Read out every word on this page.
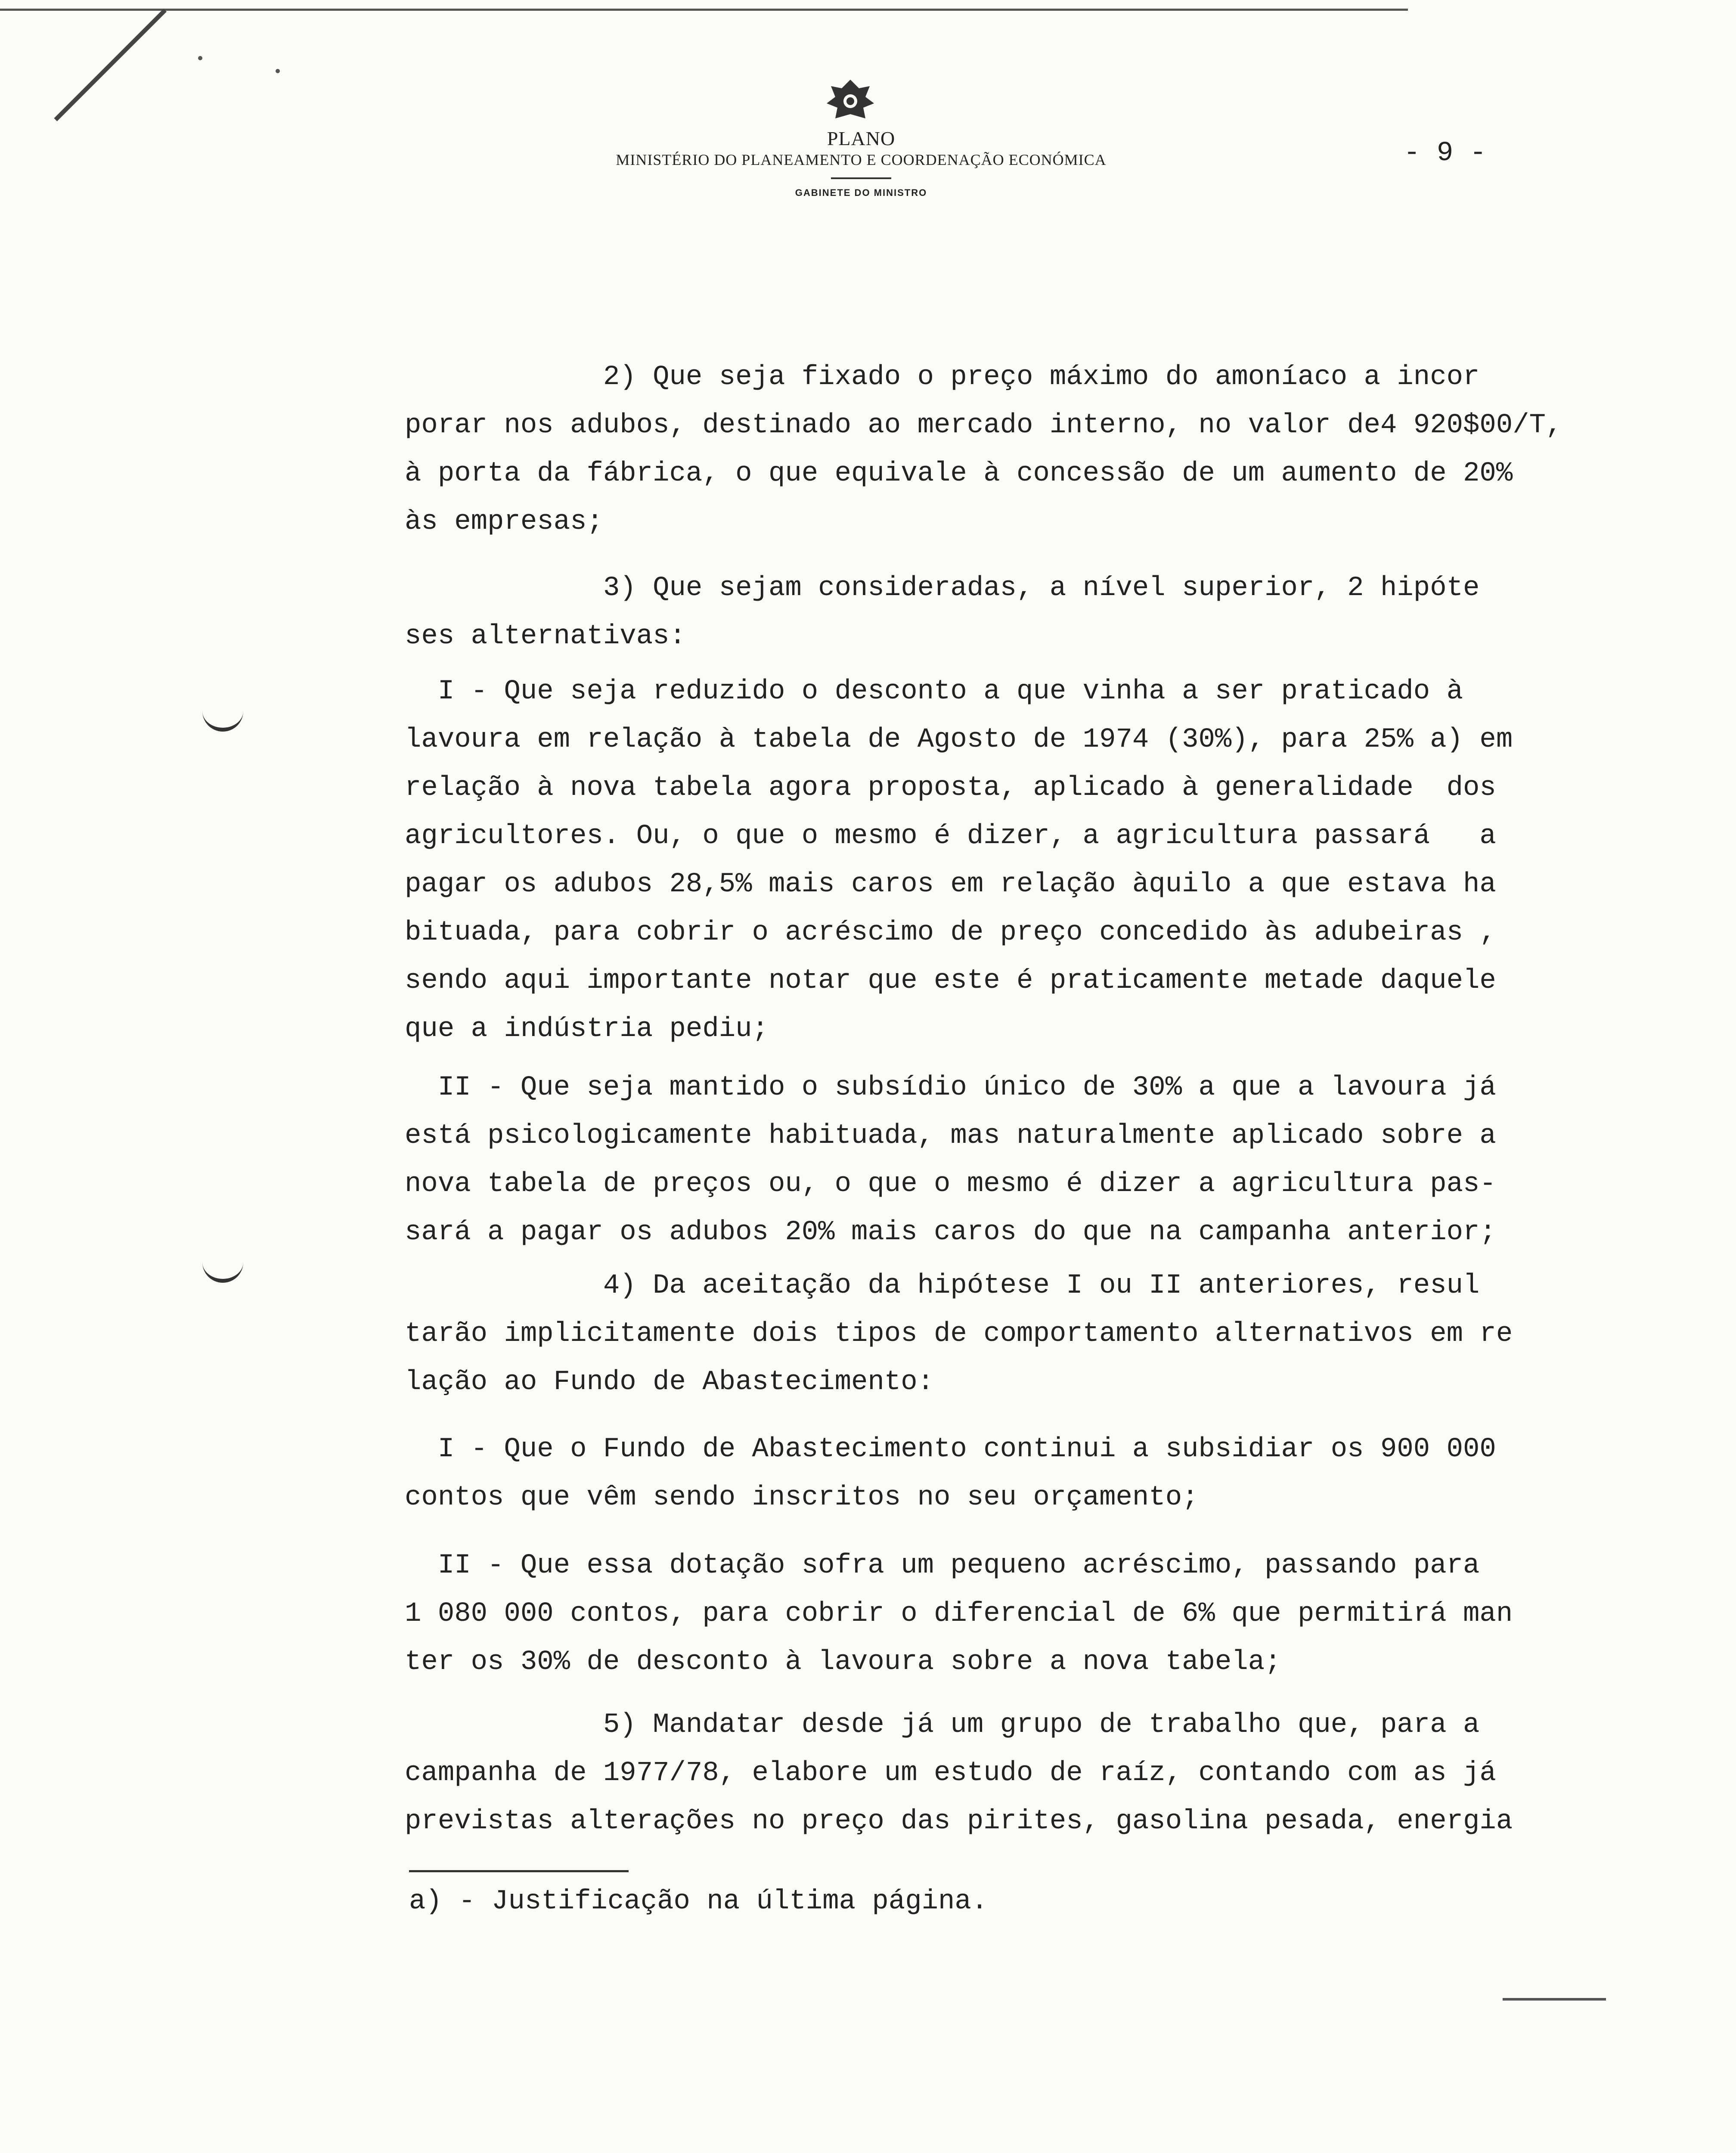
PLANO
MINISTÉRIO DO PLANEAMENTO E COORDENAÇÃO ECONÓMICA
GABINETE DO MINISTRO
- 9 -
2) Que seja fixado o preço máximo do amoníaco a incor
porar nos adubos, destinado ao mercado interno, no valor de4 920$00/T,
à porta da fábrica, o que equivale à concessão de um aumento de 20%
às empresas;
3) Que sejam consideradas, a nível superior, 2 hipóte
ses alternativas:
I - Que seja reduzido o desconto a que vinha a ser praticado à
lavoura em relação à tabela de Agosto de 1974 (30%), para 25% a) em
relação à nova tabela agora proposta, aplicado à generalidade  dos
agricultores. Ou, o que o mesmo é dizer, a agricultura passará   a
pagar os adubos 28,5% mais caros em relação àquilo a que estava ha
bituada, para cobrir o acréscimo de preço concedido às adubeiras ,
sendo aqui importante notar que este é praticamente metade daquele
que a indústria pediu;
II - Que seja mantido o subsídio único de 30% a que a lavoura já
está psicologicamente habituada, mas naturalmente aplicado sobre a
nova tabela de preços ou, o que o mesmo é dizer a agricultura pas-
sará a pagar os adubos 20% mais caros do que na campanha anterior;
4) Da aceitação da hipótese I ou II anteriores, resul
tarão implicitamente dois tipos de comportamento alternativos em re
lação ao Fundo de Abastecimento:
I - Que o Fundo de Abastecimento continui a subsidiar os 900 000
contos que vêm sendo inscritos no seu orçamento;
II - Que essa dotação sofra um pequeno acréscimo, passando para
1 080 000 contos, para cobrir o diferencial de 6% que permitirá man
ter os 30% de desconto à lavoura sobre a nova tabela;
5) Mandatar desde já um grupo de trabalho que, para a
campanha de 1977/78, elabore um estudo de raíz, contando com as já
previstas alterações no preço das pirites, gasolina pesada, energia
a) - Justificação na última página.
